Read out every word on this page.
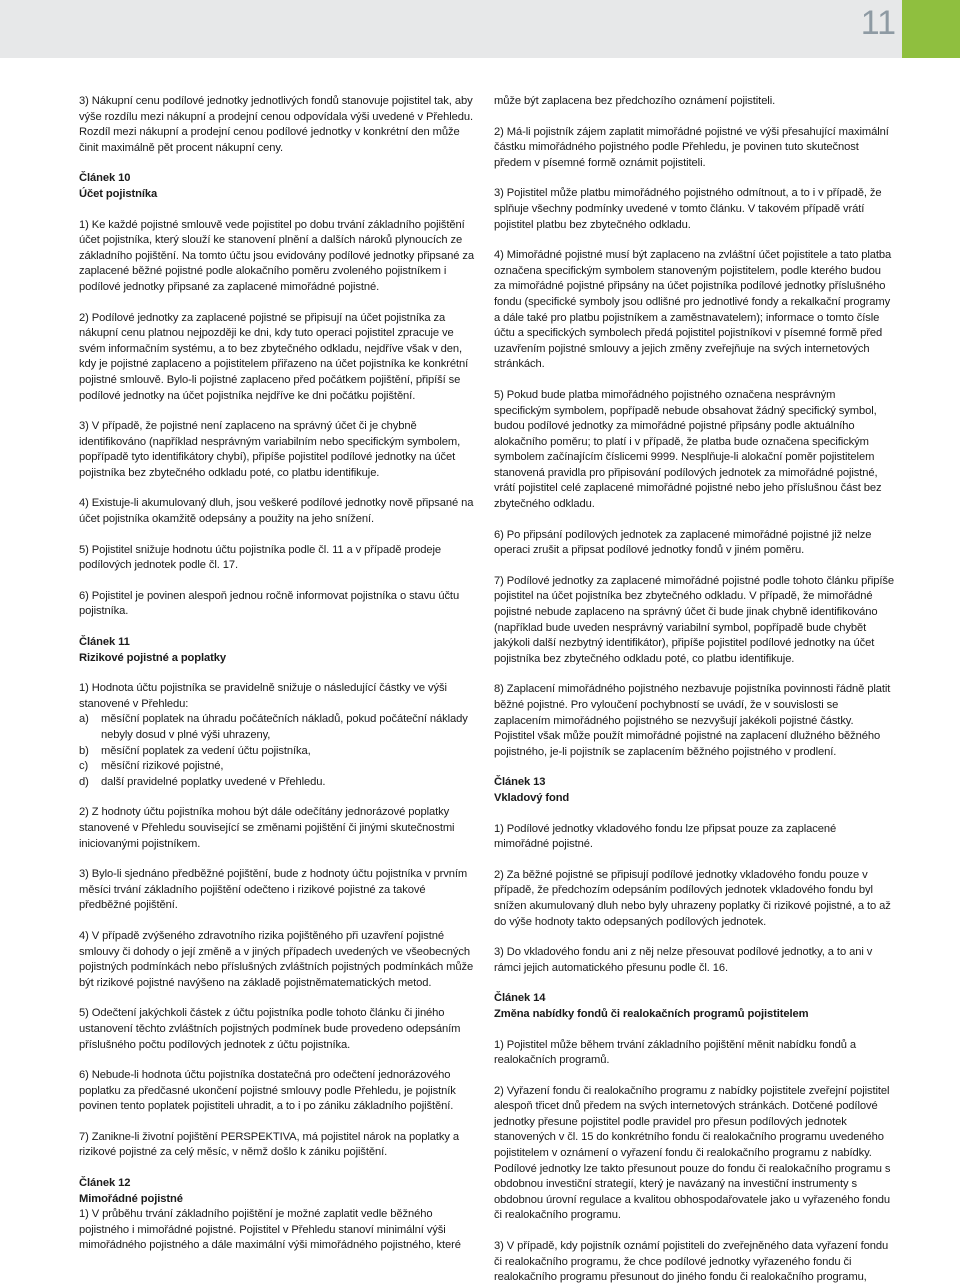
11

3) Nákupní cenu podílové jednotky jednotlivých fondů stanovuje pojistitel tak, aby výše rozdílu mezi nákupní a prodejní cenou odpovídala výši uvedené v Přehledu. Rozdíl mezi nákupní a prodejní cenou podílové jednotky v konkrétní den může činit maximálně pět procent nákupní ceny.

Článek 10
Účet pojistníka

1) Ke každé pojistné smlouvě vede pojistitel po dobu trvání základního pojištění účet pojistníka, který slouží ke stanovení plnění a dalších nároků plynoucích ze základního pojištění. Na tomto účtu jsou evidovány podílové jednotky připsané za zaplacené běžné pojistné podle alokačního poměru zvoleného pojistníkem i podílové jednotky připsané za zaplacené mimořádné pojistné.

2) Podílové jednotky za zaplacené pojistné se připisují na účet pojistníka za nákupní cenu platnou nejpozději ke dni, kdy tuto operaci pojistitel zpracuje ve svém informačním systému, a to bez zbytečného odkladu, nejdříve však v den, kdy je pojistné zaplaceno a pojistitelem přiřazeno na účet pojistníka ke konkrétní pojistné smlouvě. Bylo-li pojistné zaplaceno před počátkem pojištění, připíší se podílové jednotky na účet pojistníka nejdříve ke dni počátku pojištění.

3) V případě, že pojistné není zaplaceno na správný účet či je chybně identifikováno (například nesprávným variabilním nebo specifickým symbolem, popřípadě tyto identifikátory chybí), připíše pojistitel podílové jednotky na účet pojistníka bez zbytečného odkladu poté, co platbu identifikuje.

4) Existuje-li akumulovaný dluh, jsou veškeré podílové jednotky nově připsané na účet pojistníka okamžitě odepsány a použity na jeho snížení.

5) Pojistitel snižuje hodnotu účtu pojistníka podle čl. 11 a v případě prodeje podílových jednotek podle čl. 17.

6) Pojistitel je povinen alespoň jednou ročně informovat pojistníka o stavu účtu pojistníka.

Článek 11
Rizikové pojistné a poplatky
1) Hodnota účtu pojistníka se pravidelně snižuje o následující částky ve výši stanovené v Přehledu:
a)	měsíční poplatek na úhradu počátečních nákladů, pokud počáteční náklady nebyly dosud v plné výši uhrazeny,
b)	měsíční poplatek za vedení účtu pojistníka,
c)	měsíční rizikové pojistné,
d)	další pravidelné poplatky uvedené v Přehledu.

2) Z hodnoty účtu pojistníka mohou být dále odečítány jednorázové poplatky stanovené v Přehledu související se změnami pojištění či jinými skutečnostmi iniciovanými pojistníkem.

3) Bylo-li sjednáno předběžné pojištění, bude z hodnoty účtu pojistníka v prvním měsíci trvání základního pojištění odečteno i rizikové pojistné za takové předběžné pojištění.

4) V případě zvýšeného zdravotního rizika pojištěného při uzavření pojistné smlouvy či dohody o její změně a v jiných případech uvedených ve všeobecných pojistných podmínkách nebo příslušných zvláštních pojistných podmínkách může být rizikové pojistné navýšeno na základě pojistněmatematických metod.

5) Odečtení jakýchkoli částek z účtu pojistníka podle tohoto článku či jiného ustanovení těchto zvláštních pojistných podmínek bude provedeno odepsáním příslušného počtu podílových jednotek z účtu pojistníka.

6) Nebude-li hodnota účtu pojistníka dostatečná pro odečtení jednorázového poplatku za předčasné ukončení pojistné smlouvy podle Přehledu, je pojistník povinen tento poplatek pojistiteli uhradit, a to i po zániku základního pojištění.

7) Zanikne-li životní pojištění PERSPEKTIVA, má pojistitel nárok na poplatky a rizikové pojistné za celý měsíc, v němž došlo k zániku pojištění.

Článek 12
Mimořádné pojistné

1) V průběhu trvání základního pojištění je možné zaplatit vedle běžného pojistného i mimořádné pojistné. Pojistitel v Přehledu stanoví minimální výši mimořádného pojistného a dále maximální výši mimořádného pojistného, které

může být zaplacena bez předchozího oznámení pojistiteli.

2) Má-li pojistník zájem zaplatit mimořádné pojistné ve výši přesahující maximální částku mimořádného pojistného podle Přehledu, je povinen tuto skutečnost předem v písemné formě oznámit pojistiteli.

3) Pojistitel může platbu mimořádného pojistného odmítnout, a to i v případě, že splňuje všechny podmínky uvedené v tomto článku. V takovém případě vrátí pojistitel platbu bez zbytečného odkladu.

4) Mimořádné pojistné musí být zaplaceno na zvláštní účet pojistitele a tato platba označena specifickým symbolem stanoveným pojistitelem, podle kterého budou za mimořádné pojistné připsány na účet pojistníka podílové jednotky příslušného fondu (specifické symboly jsou odlišné pro jednotlivé fondy a rekalkační programy a dále také pro platbu pojistníkem a zaměstnavatelem); informace o tomto čísle účtu a specifických symbolech předá pojistitel pojistníkovi v písemné formě před uzavřením pojistné smlouvy a jejich změny zveřejňuje na svých internetových stránkách.

5) Pokud bude platba mimořádného pojistného označena nesprávným specifickým symbolem, popřípadě nebude obsahovat žádný specifický symbol, budou podílové jednotky za mimořádné pojistné připsány podle aktuálního alokačního poměru; to platí i v případě, že platba bude označena specifickým symbolem začínajícím číslicemi 9999. Nesplňuje-li alokační poměr pojistitelem stanovená pravidla pro připisování podílových jednotek za mimořádné pojistné, vrátí pojistitel celé zaplacené mimořádné pojistné nebo jeho příslušnou část bez zbytečného odkladu.

6) Po připsání podílových jednotek za zaplacené mimořádné pojistné již nelze operaci zrušit a připsat podílové jednotky fondů v jiném poměru.

7) Podílové jednotky za zaplacené mimořádné pojistné podle tohoto článku připíše pojistitel na účet pojistníka bez zbytečného odkladu. V případě, že mimořádné pojistné nebude zaplaceno na správný účet či bude jinak chybně identifikováno (například bude uveden nesprávný variabilní symbol, popřípadě bude chybět jakýkoli další nezbytný identifikátor), připíše pojistitel podílové jednotky na účet pojistníka bez zbytečného odkladu poté, co platbu identifikuje.

8) Zaplacení mimořádného pojistného nezbavuje pojistníka povinnosti řádně platit běžné pojistné. Pro vyloučení pochybností se uvádí, že v souvislosti se zaplacením mimořádného pojistného se nezvyšují jakékoli pojistné částky. Pojistitel však může použít mimořádné pojistné na zaplacení dlužného běžného pojistného, je-li pojistník se zaplacením běžného pojistného v prodlení.

Článek 13
Vkladový fond

1) Podílové jednotky vkladového fondu lze připsat pouze za zaplacené mimořádné pojistné.

2) Za běžné pojistné se připisují podílové jednotky vkladového fondu pouze v případě, že předchozím odepsáním podílových jednotek vkladového fondu byl snížen akumulovaný dluh nebo byly uhrazeny poplatky či rizikové pojistné, a to až do výše hodnoty takto odepsaných podílových jednotek.

3) Do vkladového fondu ani z něj nelze přesouvat podílové jednotky, a to ani v rámci jejich automatického přesunu podle čl. 16.

Článek 14
Změna nabídky fondů či realokačních programů pojistitelem

1) Pojistitel může během trvání základního pojištění měnit nabídku fondů a realokačních programů.

2) Vyřazení fondu či realokačního programu z nabídky pojistitele zveřejní pojistitel alespoň třicet dnů předem na svých internetových stránkách. Dotčené podílové jednotky přesune pojistitel podle pravidel pro přesun podílových jednotek stanovených v čl. 15 do konkrétního fondu či realokačního programu uvedeného pojistitelem v oznámení o vyřazení fondu či realokačního programu z nabídky. Podílové jednotky lze takto přesunout pouze do fondu či realokačního programu s obdobnou investiční strategií, který je navázaný na investiční instrumenty s obdobnou úrovní regulace a kvalitou obhospodařovatele jako u vyřazeného fondu či realokačního programu.

3) V případě, kdy pojistník oznámí pojistiteli do zveřejněného data vyřazení fondu či realokačního programu, že chce podílové jednotky vyřazeného fondu či realokačního programu přesunout do jiného fondu či realokačního programu,
